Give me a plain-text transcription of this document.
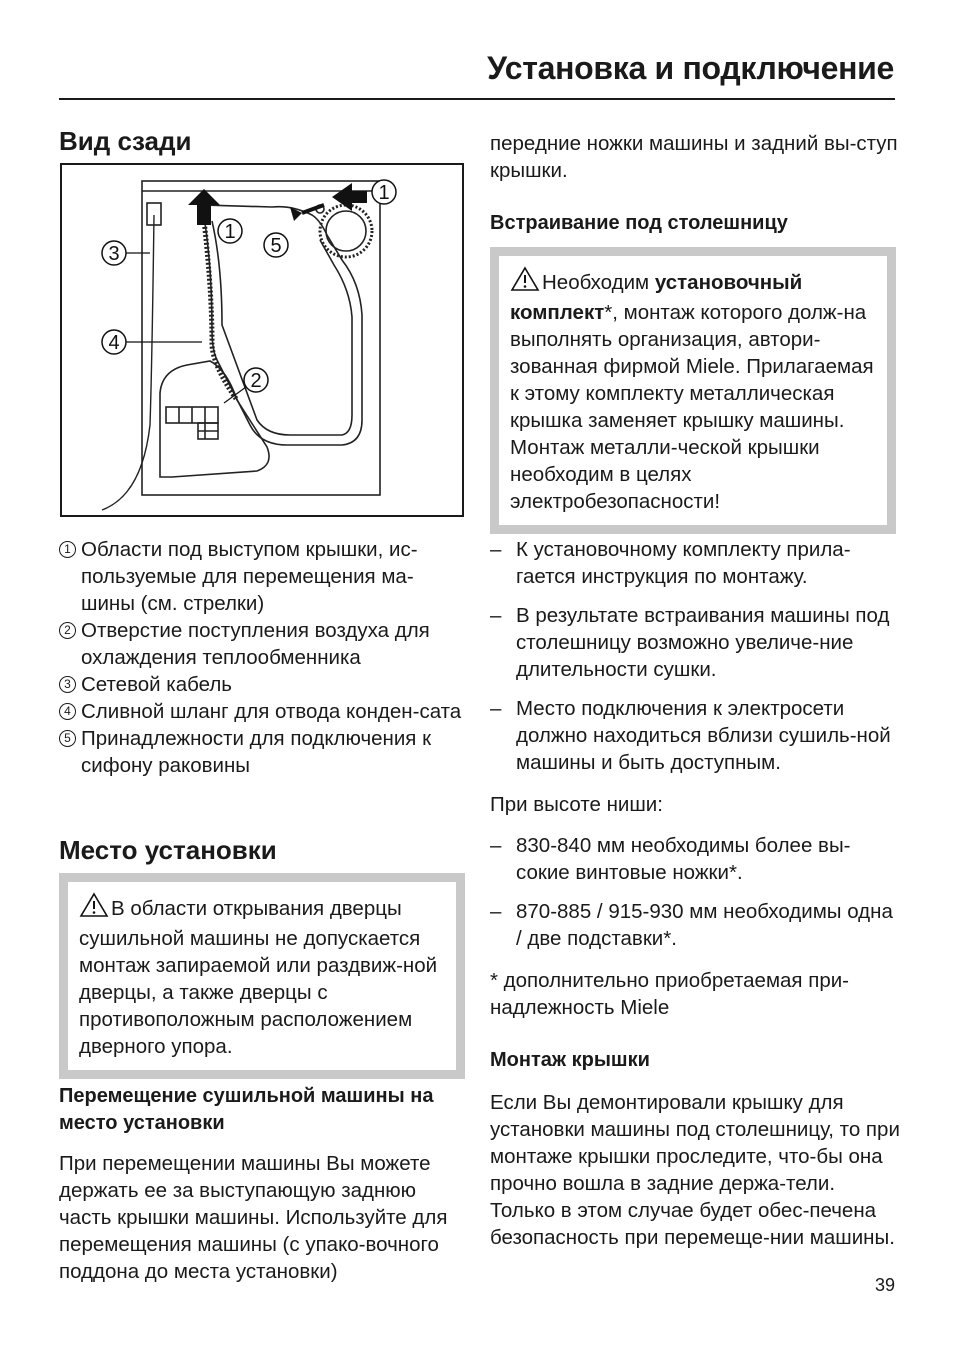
Установка и подключение
Вид сзади
1
1
2
3
4
5
1 Области под выступом крышки, ис-пользуемые для перемещения ма-шины (см. стрелки)
2 Отверстие поступления воздуха для охлаждения теплообменника
3 Сетевой кабель
4 Сливной шланг для отвода конден-сата
5 Принадлежности для подключения к сифону раковины
Место установки
В области открывания дверцы сушильной машины не допускается монтаж запираемой или раздвиж-ной дверцы, а также дверцы с противоположным расположением дверного упора.
Перемещение сушильной машины на место установки
При перемещении машины Вы можете держать ее за выступающую заднюю часть крышки машины. Используйте для перемещения машины (с упако-вочного поддона до места установки)
передние ножки машины и задний вы-ступ крышки.
Встраивание под столешницу
Необходим установочный комплект*, монтаж которого долж-на выполнять организация, автори-зованная фирмой Miele. Прилагаемая к этому комплекту металлическая крышка заменяет крышку машины. Монтаж металли-ческой крышки необходим в целях электробезопасности!
– К установочному комплекту прила-гается инструкция по монтажу.
– В результате встраивания машины под столешницу возможно увеличе-ние длительности сушки.
– Место подключения к электросети должно находиться вблизи сушиль-ной машины и быть доступным.
При высоте ниши:
– 830-840 мм необходимы более вы-сокие винтовые ножки*.
– 870-885 / 915-930 мм необходимы одна / две подставки*.
* дополнительно приобретаемая при-надлежность Miele
Монтаж крышки
Если Вы демонтировали крышку для установки машины под столешницу, то при монтаже крышки проследите, что-бы она прочно вошла в задние держа-тели. Только в этом случае будет обес-печена безопасность при перемеще-нии машины.
39
